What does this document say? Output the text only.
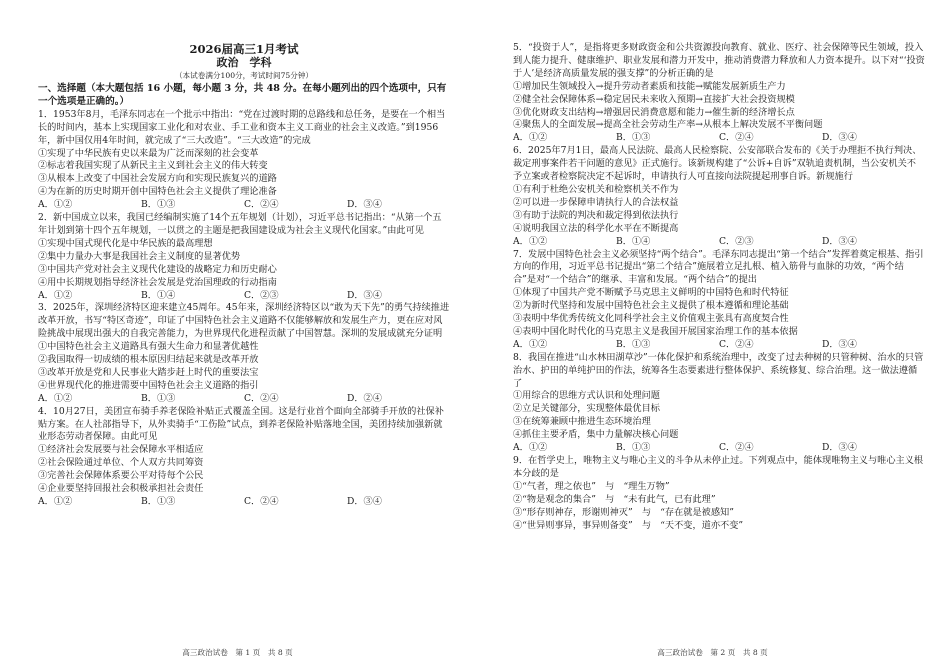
2026届高三1月考试
政治　学科
（本试卷满分100分，考试时间75分钟）
一、选择题（本大题包括 16 小题，每小题 3 分，共 48 分。在每小题列出的四个选项中，只有一个选项是正确的。）

1．1953年8月，毛泽东同志在一个批示中指出：“党在过渡时期的总路线和总任务，是要在一个相当长的时间内，基本上实现国家工业化和对农业、手工业和资本主义工商业的社会主义改造。”到1956年，新中国仅用4年时间，就完成了“三大改造”。“三大改造”的完成

①实现了中华民族有史以来最为广泛而深刻的社会变革

②标志着我国实现了从新民主主义到社会主义的伟大转变

③从根本上改变了中国社会发展方向和实现民族复兴的道路

④为在新的历史时期开创中国特色社会主义提供了理论准备

A．①②	B．①③	C．②④	D．③④

2．新中国成立以来，我国已经编制实施了14个五年规划（计划），习近平总书记指出：“从第一个五年计划到第十四个五年规划，一以贯之的主题是把我国建设成为社会主义现代化国家。”由此可见

①实现中国式现代化是中华民族的最高理想

②集中力量办大事是我国社会主义制度的显著优势

③中国共产党对社会主义现代化建设的战略定力和历史耐心

④用中长期规划指导经济社会发展是党治国理政的行动指南

A．①②	B．①④	C．②③	D．③④

3．2025年，深圳经济特区迎来建立45周年。45年来，深圳经济特区以“敢为天下先”的勇气持续推进改革开放，书写“特区奇迹”，印证了中国特色社会主义道路不仅能够解放和发展生产力，更在应对风险挑战中展现出强大的自我完善能力，为世界现代化进程贡献了中国智慧。深圳的发展成就充分证明

①中国特色社会主义道路具有强大生命力和显著优越性

②我国取得一切成绩的根本原因归结起来就是改革开放

③改革开放是党和人民事业大踏步赶上时代的重要法宝

④世界现代化的推进需要中国特色社会主义道路的指引

A．①②	B．①③	C．②④	D．②④

4．10月27日，美团宣布骑手养老保险补贴正式覆盖全国。这是行业首个面向全部骑手开放的社保补贴方案。在人社部指导下，从外卖骑手“工伤险”试点，到养老保险补贴落地全国，美团持续加强新就业形态劳动者保障。由此可见

①经济社会发展要与社会保障水平相适应

②社会保险通过单位、个人双方共同筹资

③完善社会保障体系要公平对待每个公民

④企业要坚持回报社会积极承担社会责任

A．①②	B．①③	C．②④	D．③④
高三政治试卷　第 1 页　共 8 页

5．“投资于人”，是指将更多财政资金和公共资源投向教育、就业、医疗、社会保障等民生领域，投入到人能力提升、健康维护、职业发展和潜力开发中，推动消费潜力释放和人力资本提升。以下对“‘投资于人’是经济高质量发展的强支撑”的分析正确的是

①增加民生领域投入→提升劳动者素质和技能→赋能发展新质生产力

②健全社会保障体系→稳定居民未来收入预期→直接扩大社会投资规模

③优化财政支出结构→增强居民消费意愿和能力→催生新的经济增长点

④聚焦人的全面发展→提高全社会劳动生产率→从根本上解决发展不平衡问题

A．①②	B．①③	C．②④	D．③④

6．2025年7月1日，最高人民法院、最高人民检察院、公安部联合发布的《关于办理拒不执行判决、裁定刑事案件若干问题的意见》正式施行。该新规构建了“公诉+自诉”双轨追责机制，当公安机关不予立案或者检察院决定不起诉时，申请执行人可直接向法院提起刑事自诉。新规施行

①有利于杜绝公安机关和检察机关不作为

②可以进一步保障申请执行人的合法权益

③有助于法院的判决和裁定得到依法执行

④说明我国立法的科学化水平在不断提高

A．①②	B．①④	C．②③	D．③④

7．发展中国特色社会主义必须坚持“两个结合”。毛泽东同志提出“第一个结合”发挥着奠定根基、指引方向的作用，习近平总书记提出“第二个结合”施展着立足扎根、植入筋骨与血脉的功效，“两个结合”是对“一个结合”的继承、丰富和发展。“两个结合”的提出

①体现了中国共产党不断赋予马克思主义鲜明的中国特色和时代特征

②为新时代坚持和发展中国特色社会主义提供了根本遵循和理论基础

③表明中华优秀传统文化同科学社会主义价值观主张具有高度契合性

④表明中国化时代化的马克思主义是我国开展国家治理工作的基本依据

A．①②	B．①③	C．②④	D．③④

8．我国在推进“山水林田湖草沙”一体化保护和系统治理中，改变了过去种树的只管种树、治水的只管治水、护田的单纯护田的作法，统筹各生态要素进行整体保护、系统修复、综合治理。这一做法遵循了

①用综合的思维方式认识和处理问题

②立足关键部分，实现整体最优目标

③在统筹兼顾中推进生态环境治理

④抓住主要矛盾，集中力量解决核心问题

A．①②	B．①③	C．②④	D．③④

9．在哲学史上，唯物主义与唯心主义的斗争从未停止过。下列观点中，能体现唯物主义与唯心主义根本分歧的是

①“气者，理之依也”　与　“理生万物”

②“物是观念的集合”　与　“未有此气，已有此理”

③“形存则神存，形谢则神灭”　与　“存在就是被感知”

④“世异则事异，事异则备变”　与　“天不变，道亦不变”

高三政治试卷　第 2 页　共 8 页
